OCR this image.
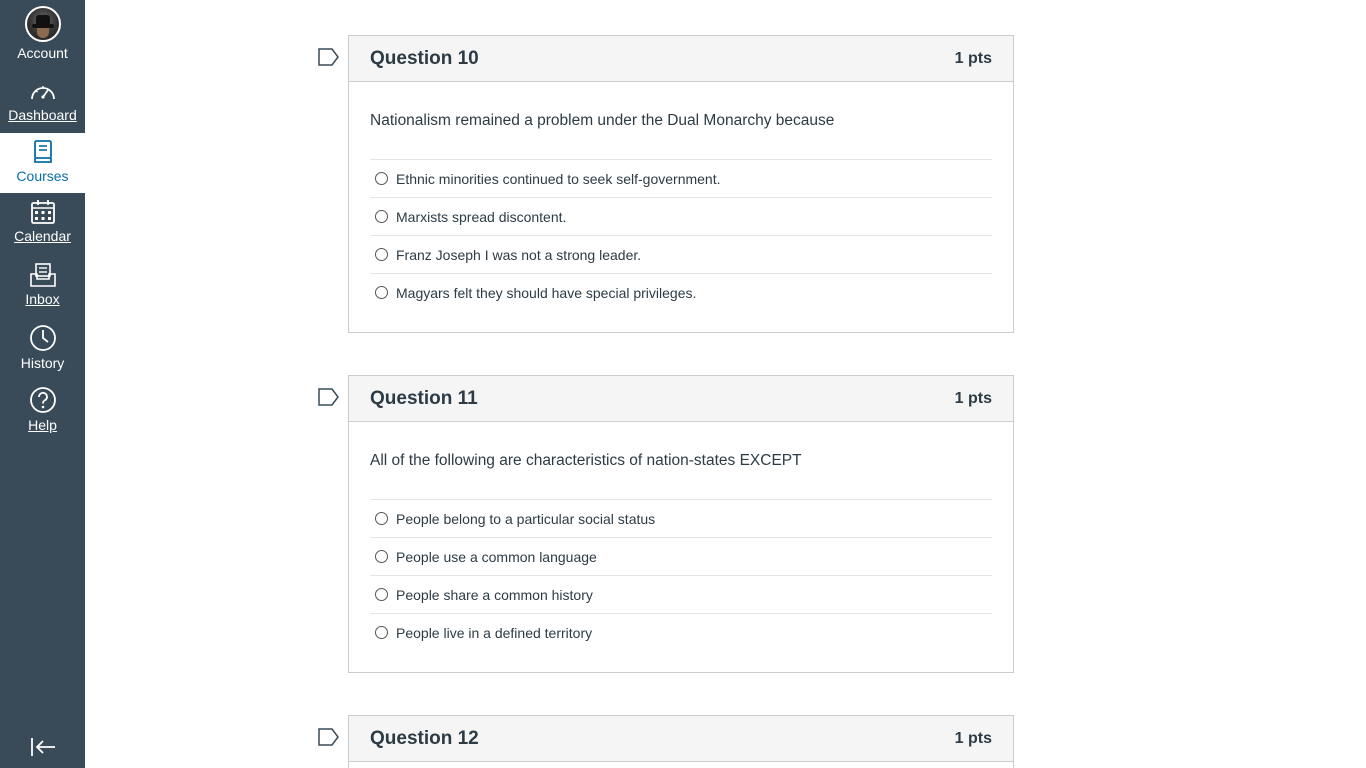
Account
Dashboard
Courses
Calendar
Inbox
History
Help
Question 10	1 pts
Nationalism remained a problem under the Dual Monarchy because
Ethnic minorities continued to seek self-government.
Marxists spread discontent.
Franz Joseph I was not a strong leader.
Magyars felt they should have special privileges.
Question 11	1 pts
All of the following are characteristics of nation-states EXCEPT
People belong to a particular social status
People use a common language
People share a common history
People live in a defined territory
Question 12	1 pts
